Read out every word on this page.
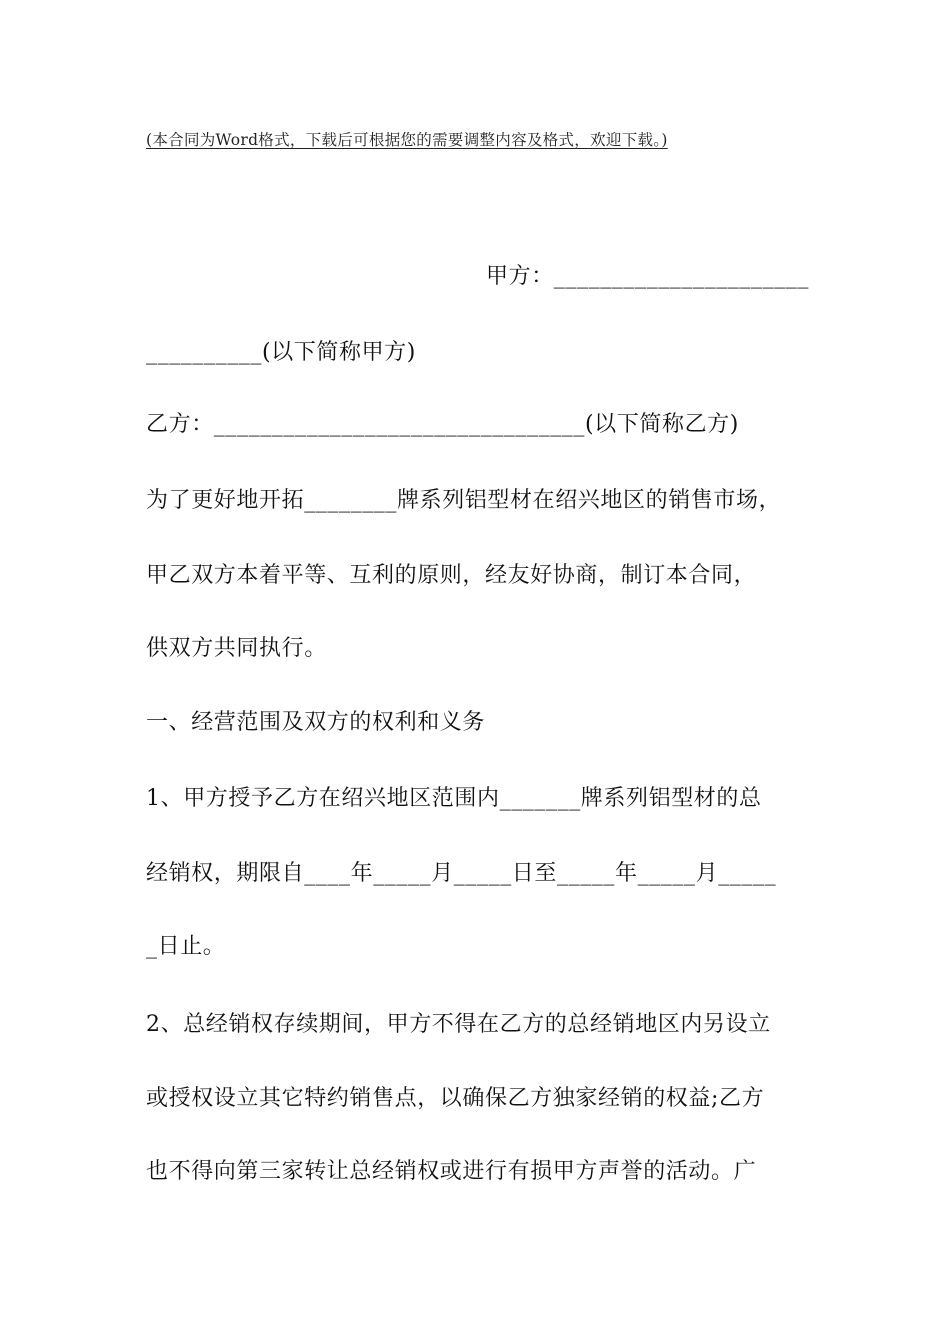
(本合同为Word格式，下载后可根据您的需要调整内容及格式，欢迎下载。)
甲方：______________________
__________(以下简称甲方)
乙方：________________________________(以下简称乙方)
为了更好地开拓________牌系列铝型材在绍兴地区的销售市场，
甲乙双方本着平等、互利的原则，经友好协商，制订本合同，
供双方共同执行。
一、经营范围及双方的权利和义务
1、甲方授予乙方在绍兴地区范围内_______牌系列铝型材的总
经销权，期限自____年_____月_____日至_____年_____月_____
_日止。
2、总经销权存续期间，甲方不得在乙方的总经销地区内另设立
或授权设立其它特约销售点，以确保乙方独家经销的权益;乙方
也不得向第三家转让总经销权或进行有损甲方声誉的活动。广
